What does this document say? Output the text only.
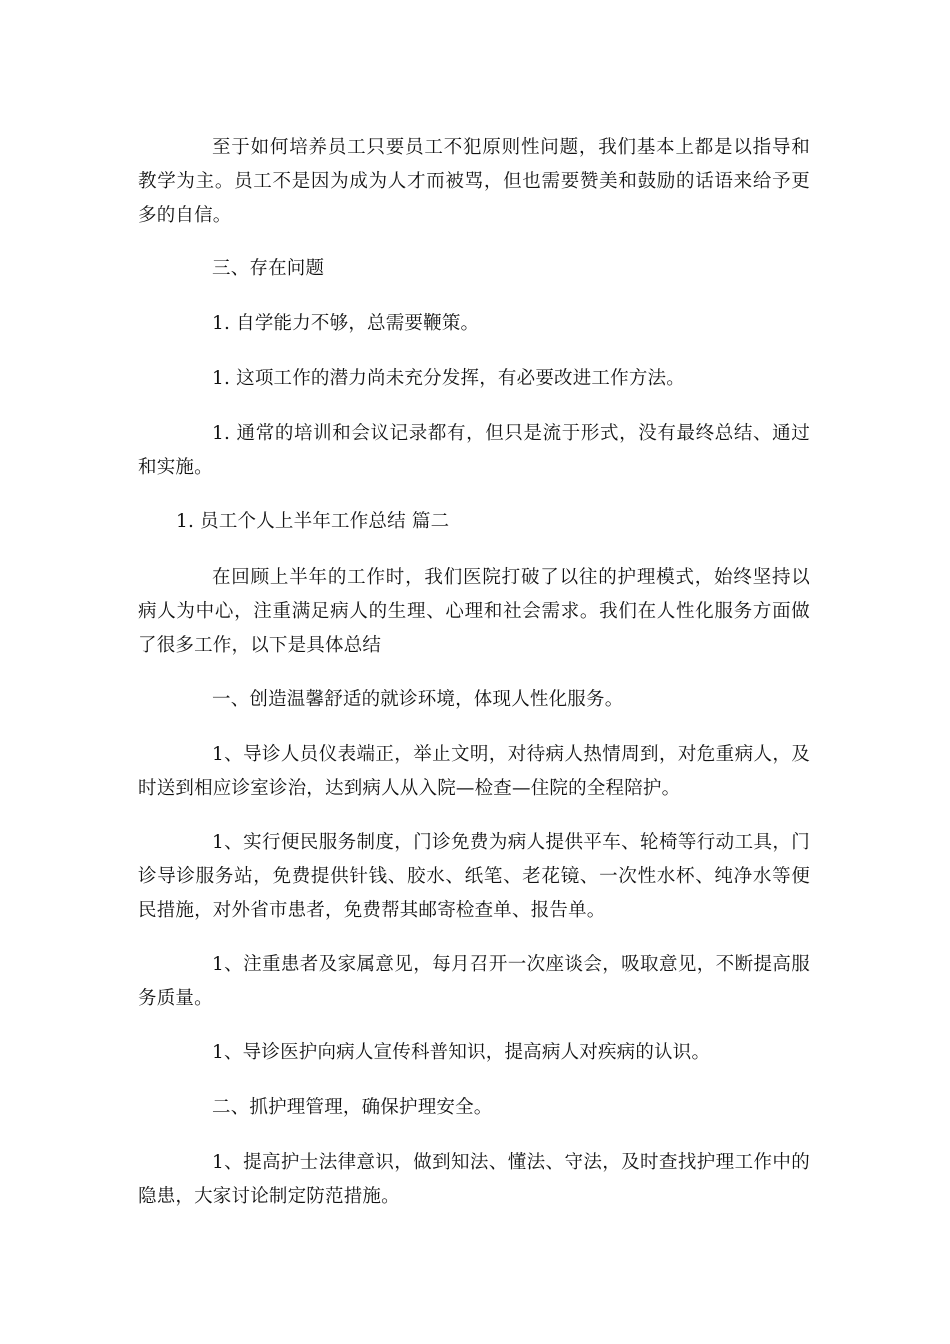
至于如何培养员工只要员工不犯原则性问题，我们基本上都是以指导和教学为主。员工不是因为成为人才而被骂，但也需要赞美和鼓励的话语来给予更多的自信。

三、存在问题

1. 自学能力不够，总需要鞭策。

1. 这项工作的潜力尚未充分发挥，有必要改进工作方法。

1. 通常的培训和会议记录都有，但只是流于形式，没有最终总结、通过和实施。

1. 员工个人上半年工作总结 篇二

在回顾上半年的工作时，我们医院打破了以往的护理模式，始终坚持以病人为中心，注重满足病人的生理、心理和社会需求。我们在人性化服务方面做了很多工作，以下是具体总结

一、创造温馨舒适的就诊环境，体现人性化服务。

1、导诊人员仪表端正，举止文明，对待病人热情周到，对危重病人，及时送到相应诊室诊治，达到病人从入院—检查—住院的全程陪护。

1、实行便民服务制度，门诊免费为病人提供平车、轮椅等行动工具，门诊导诊服务站，免费提供针钱、胶水、纸笔、老花镜、一次性水杯、纯净水等便民措施，对外省市患者，免费帮其邮寄检查单、报告单。

1、注重患者及家属意见，每月召开一次座谈会，吸取意见，不断提高服务质量。

1、导诊医护向病人宣传科普知识，提高病人对疾病的认识。

二、抓护理管理，确保护理安全。

1、提高护士法律意识，做到知法、懂法、守法，及时查找护理工作中的隐患，大家讨论制定防范措施。
